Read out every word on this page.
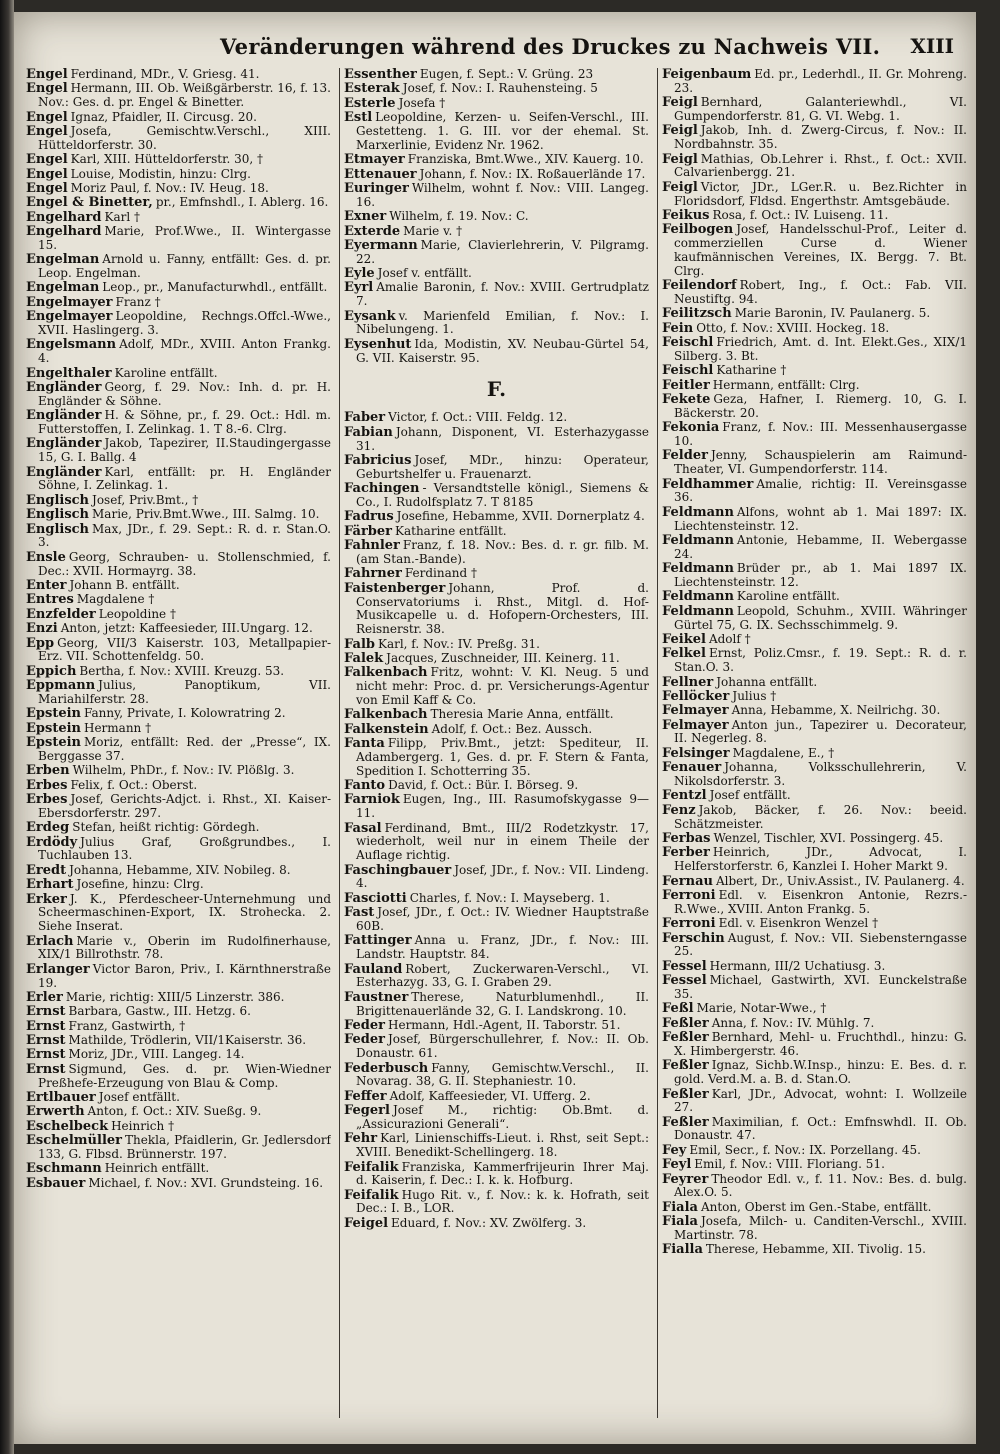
Veränderungen während des Druckes zu Nachweis VII. XIII
Engel Ferdinand, MDr., V. Griesg. 41.
Engel Hermann, III. Ob. Weißgärberstr. 16, f. 13. Nov.: Ges. d. pr. Engel & Binetter.
Engel Ignaz, Pfaidler, II. Circusg. 20.
Engel Josefa, Gemischtw.Verschl., XIII. Hütteldorferstr. 30.
Engel Karl, XIII. Hütteldorferstr. 30, †
Engel Louise, Modistin, hinzu: Clrg.
Engel Moriz Paul, f. Nov.: IV. Heug. 18.
Engel & Binetter, pr., Emfnshdl., I. Ablerg. 16.
Engelhard Karl †
Engelhard Marie, Prof.Wwe., II. Wintergasse 15.
Engelman Arnold u. Fanny, entfällt: Ges. d. pr. Leop. Engelman.
Engelman Leop., pr., Manufacturwhdl., entfällt.
Engelmayer Franz †
Engelmayer Leopoldine, Rechngs.Offcl.-Wwe., XVII. Haslingerg. 3.
Engelsmann Adolf, MDr., XVIII. Anton Frankg. 4.
Engelthaler Karoline entfällt.
Engländer Georg, f. 29. Nov.: Inh. d. pr. H. Engländer & Söhne.
Engländer H. & Söhne, pr., f. 29. Oct.: Hdl. m. Futterstoffen, I. Zelinkag. 1. T 8.-6. Clrg.
Engländer Jakob, Tapezirer, II.Staudingergasse 15, G. I. Ballg. 4
Engländer Karl, entfällt: pr. H. Engländer Söhne, I. Zelinkag. 1.
Englisch Josef, Priv.Bmt., †
Englisch Marie, Priv.Bmt.Wwe., III. Salmg. 10.
Englisch Max, JDr., f. 29. Sept.: R. d. r. Stan.O. 3.
Ensle Georg, Schrauben- u. Stollenschmied, f. Dec.: XVII. Hormayrg. 38.
Enter Johann B. entfällt.
Entres Magdalene †
Enzfelder Leopoldine †
Enzi Anton, jetzt: Kaffeesieder, III.Ungarg. 12.
Epp Georg, VII/3 Kaiserstr. 103, Metallpapier-Erz. VII. Schottenfeldg. 50.
Eppich Bertha, f. Nov.: XVIII. Kreuzg. 53.
Eppmann Julius, Panoptikum, VII. Mariahilferstr. 28.
Epstein Fanny, Private, I. Kolowratring 2.
Epstein Hermann †
Epstein Moriz, entfällt: Red. der „Presse“, IX. Berggasse 37.
Erben Wilhelm, PhDr., f. Nov.: IV. Plößlg. 3.
Erbes Felix, f. Oct.: Oberst.
Erbes Josef, Gerichts-Adjct. i. Rhst., XI. Kaiser-Ebersdorferstr. 297.
Erdeg Stefan, heißt richtig: Gördegh.
Erdödy Julius Graf, Großgrundbes., I. Tuchlauben 13.
Eredt Johanna, Hebamme, XIV. Nobileg. 8.
Erhart Josefine, hinzu: Clrg.
Erker J. K., Pferdescheer-Unternehmung und Scheermaschinen-Export, IX. Strohecka. 2. Siehe Inserat.
Erlach Marie v., Oberin im Rudolfinerhause, XIX/1 Billrothstr. 78.
Erlanger Victor Baron, Priv., I. Kärnthnerstraße 19.
Erler Marie, richtig: XIII/5 Linzerstr. 386.
Ernst Barbara, Gastw., III. Hetzg. 6.
Ernst Franz, Gastwirth, †
Ernst Mathilde, Trödlerin, VII/1Kaiserstr. 36.
Ernst Moriz, JDr., VIII. Langeg. 14.
Ernst Sigmund, Ges. d. pr. Wien-Wiedner Preßhefe-Erzeugung von Blau & Comp.
Ertlbauer Josef entfällt.
Erwerth Anton, f. Oct.: XIV. Sueßg. 9.
Eschelbeck Heinrich †
Eschelmüller Thekla, Pfaidlerin, Gr. Jedlersdorf 133, G. Flbsd. Brünnerstr. 197.
Eschmann Heinrich entfällt.
Esbauer Michael, f. Nov.: XVI. Grundsteing. 16.
Essenther Eugen, f. Sept.: V. Grüng. 23
Esterak Josef, f. Nov.: I. Rauhensteing. 5
Esterle Josefa †
Estl Leopoldine, Kerzen- u. Seifen-Verschl., III. Gestetteng. 1. G. III. vor der ehemal. St. Marxerlinie, Evidenz Nr. 1962.
Etmayer Franziska, Bmt.Wwe., XIV. Kauerg. 10.
Ettenauer Johann, f. Nov.: IX. Roßauerlände 17.
Euringer Wilhelm, wohnt f. Nov.: VIII. Langeg. 16.
Exner Wilhelm, f. 19. Nov.: C.
Exterde Marie v. †
Eyermann Marie, Clavierlehrerin, V. Pilgramg. 22.
Eyle Josef v. entfällt.
Eyrl Amalie Baronin, f. Nov.: XVIII. Gertrudplatz 7.
Eysank v. Marienfeld Emilian, f. Nov.: I. Nibelungeng. 1.
Eysenhut Ida, Modistin, XV. Neubau-Gürtel 54, G. VII. Kaiserstr. 95.
F.
Faber Victor, f. Oct.: VIII. Feldg. 12.
Fabian Johann, Disponent, VI. Esterhazygasse 31.
Fabricius Josef, MDr., hinzu: Operateur, Geburtshelfer u. Frauenarzt.
Fachingen - Versandtstelle königl., Siemens & Co., I. Rudolfsplatz 7. T 8185
Fadrus Josefine, Hebamme, XVII. Dornerplatz 4.
Färber Katharine entfällt.
Fahnler Franz, f. 18. Nov.: Bes. d. r. gr. filb. M. (am Stan.-Bande).
Fahrner Ferdinand †
Faistenberger Johann, Prof. d. Conservatoriums i. Rhst., Mitgl. d. Hof-Musikcapelle u. d. Hofopern-Orchesters, III. Reisnerstr. 38.
Falb Karl, f. Nov.: IV. Preßg. 31.
Falek Jacques, Zuschneider, III. Keinerg. 11.
Falkenbach Fritz, wohnt: V. Kl. Neug. 5 und nicht mehr: Proc. d. pr. Versicherungs-Agentur von Emil Kaff & Co.
Falkenbach Theresia Marie Anna, entfällt.
Falkenstein Adolf, f. Oct.: Bez. Aussch.
Fanta Filipp, Priv.Bmt., jetzt: Spediteur, II. Adambergerg. 1, Ges. d. pr. F. Stern & Fanta, Spedition I. Schotterring 35.
Fanto David, f. Oct.: Bür. I. Börseg. 9.
Farniok Eugen, Ing., III. Rasumofskygasse 9—11.
Fasal Ferdinand, Bmt., III/2 Rodetzkystr. 17, wiederholt, weil nur in einem Theile der Auflage richtig.
Faschingbauer Josef, JDr., f. Nov.: VII. Lindeng. 4.
Fasciotti Charles, f. Nov.: I. Mayseberg. 1.
Fast Josef, JDr., f. Oct.: IV. Wiedner Hauptstraße 60B.
Fattinger Anna u. Franz, JDr., f. Nov.: III. Landstr. Hauptstr. 84.
Fauland Robert, Zuckerwaren-Verschl., VI. Esterhazyg. 33, G. I. Graben 29.
Faustner Therese, Naturblumenhdl., II. Brigittenauerlände 32, G. I. Landskrong. 10.
Feder Hermann, Hdl.-Agent, II. Taborstr. 51.
Feder Josef, Bürgerschullehrer, f. Nov.: II. Ob. Donaustr. 61.
Federbusch Fanny, Gemischtw.Verschl., II. Novarag. 38, G. II. Stephaniestr. 10.
Feffer Adolf, Kaffeesieder, VI. Ufferg. 2.
Fegerl Josef M., richtig: Ob.Bmt. d. „Assicurazioni Generali“.
Fehr Karl, Linienschiffs-Lieut. i. Rhst, seit Sept.: XVIII. Benedikt-Schellingerg. 18.
Feifalik Franziska, Kammerfrijeurin Ihrer Maj. d. Kaiserin, f. Dec.: I. k. k. Hofburg.
Feifalik Hugo Rit. v., f. Nov.: k. k. Hofrath, seit Dec.: I. B., LOR.
Feigel Eduard, f. Nov.: XV. Zwölferg. 3.
Feigenbaum Ed. pr., Lederhdl., II. Gr. Mohreng. 23.
Feigl Bernhard, Galanteriewhdl., VI. Gumpendorferstr. 81, G. VI. Webg. 1.
Feigl Jakob, Inh. d. Zwerg-Circus, f. Nov.: II. Nordbahnstr. 35.
Feigl Mathias, Ob.Lehrer i. Rhst., f. Oct.: XVII. Calvarienbergg. 21.
Feigl Victor, JDr., LGer.R. u. Bez.Richter in Floridsdorf, Fldsd. Engerthstr. Amtsgebäude.
Feikus Rosa, f. Oct.: IV. Luiseng. 11.
Feilbogen Josef, Handelsschul-Prof., Leiter d. commerziellen Curse d. Wiener kaufmännischen Vereines, IX. Bergg. 7. Bt. Clrg.
Feilendorf Robert, Ing., f. Oct.: Fab. VII. Neustiftg. 94.
Feilitzsch Marie Baronin, IV. Paulanerg. 5.
Fein Otto, f. Nov.: XVIII. Hockeg. 18.
Feischl Friedrich, Amt. d. Int. Elekt.Ges., XIX/1 Silberg. 3. Bt.
Feischl Katharine †
Feitler Hermann, entfällt: Clrg.
Fekete Geza, Hafner, I. Riemerg. 10, G. I. Bäckerstr. 20.
Fekonia Franz, f. Nov.: III. Messenhausergasse 10.
Felder Jenny, Schauspielerin am Raimund-Theater, VI. Gumpendorferstr. 114.
Feldhammer Amalie, richtig: II. Vereinsgasse 36.
Feldmann Alfons, wohnt ab 1. Mai 1897: IX. Liechtensteinstr. 12.
Feldmann Antonie, Hebamme, II. Webergasse 24.
Feldmann Brüder pr., ab 1. Mai 1897 IX. Liechtensteinstr. 12.
Feldmann Karoline entfällt.
Feldmann Leopold, Schuhm., XVIII. Währinger Gürtel 75, G. IX. Sechsschimmelg. 9.
Feikel Adolf †
Felkel Ernst, Poliz.Cmsr., f. 19. Sept.: R. d. r. Stan.O. 3.
Fellner Johanna entfällt.
Fellöcker Julius †
Felmayer Anna, Hebamme, X. Neilrichg. 30.
Felmayer Anton jun., Tapezirer u. Decorateur, II. Negerleg. 8.
Felsinger Magdalene, E., †
Fenauer Johanna, Volksschullehrerin, V. Nikolsdorferstr. 3.
Fentzl Josef entfällt.
Fenz Jakob, Bäcker, f. 26. Nov.: beeid. Schätzmeister.
Ferbas Wenzel, Tischler, XVI. Possingerg. 45.
Ferber Heinrich, JDr., Advocat, I. Helferstorferstr. 6, Kanzlei I. Hoher Markt 9.
Fernau Albert, Dr., Univ.Assist., IV. Paulanerg. 4.
Ferroni Edl. v. Eisenkron Antonie, Rezrs.-R.Wwe., XVIII. Anton Frankg. 5.
Ferroni Edl. v. Eisenkron Wenzel †
Ferschin August, f. Nov.: VII. Siebensterngasse 25.
Fessel Hermann, III/2 Uchatiusg. 3.
Fessel Michael, Gastwirth, XVI. Eunckelstraße 35.
Feßl Marie, Notar-Wwe., †
Feßler Anna, f. Nov.: IV. Mühlg. 7.
Feßler Bernhard, Mehl- u. Fruchthdl., hinzu: G. X. Himbergerstr. 46.
Feßler Ignaz, Sichb.W.Insp., hinzu: E. Bes. d. r. gold. Verd.M. a. B. d. Stan.O.
Feßler Karl, JDr., Advocat, wohnt: I. Wollzeile 27.
Feßler Maximilian, f. Oct.: Emfnswhdl. II. Ob. Donaustr. 47.
Fey Emil, Secr., f. Nov.: IX. Porzellang. 45.
Feyl Emil, f. Nov.: VIII. Floriang. 51.
Feyrer Theodor Edl. v., f. 11. Nov.: Bes. d. bulg. Alex.O. 5.
Fiala Anton, Oberst im Gen.-Stabe, entfällt.
Fiala Josefa, Milch- u. Canditen-Verschl., XVIII. Martinstr. 78.
Fialla Therese, Hebamme, XII. Tivolig. 15.
